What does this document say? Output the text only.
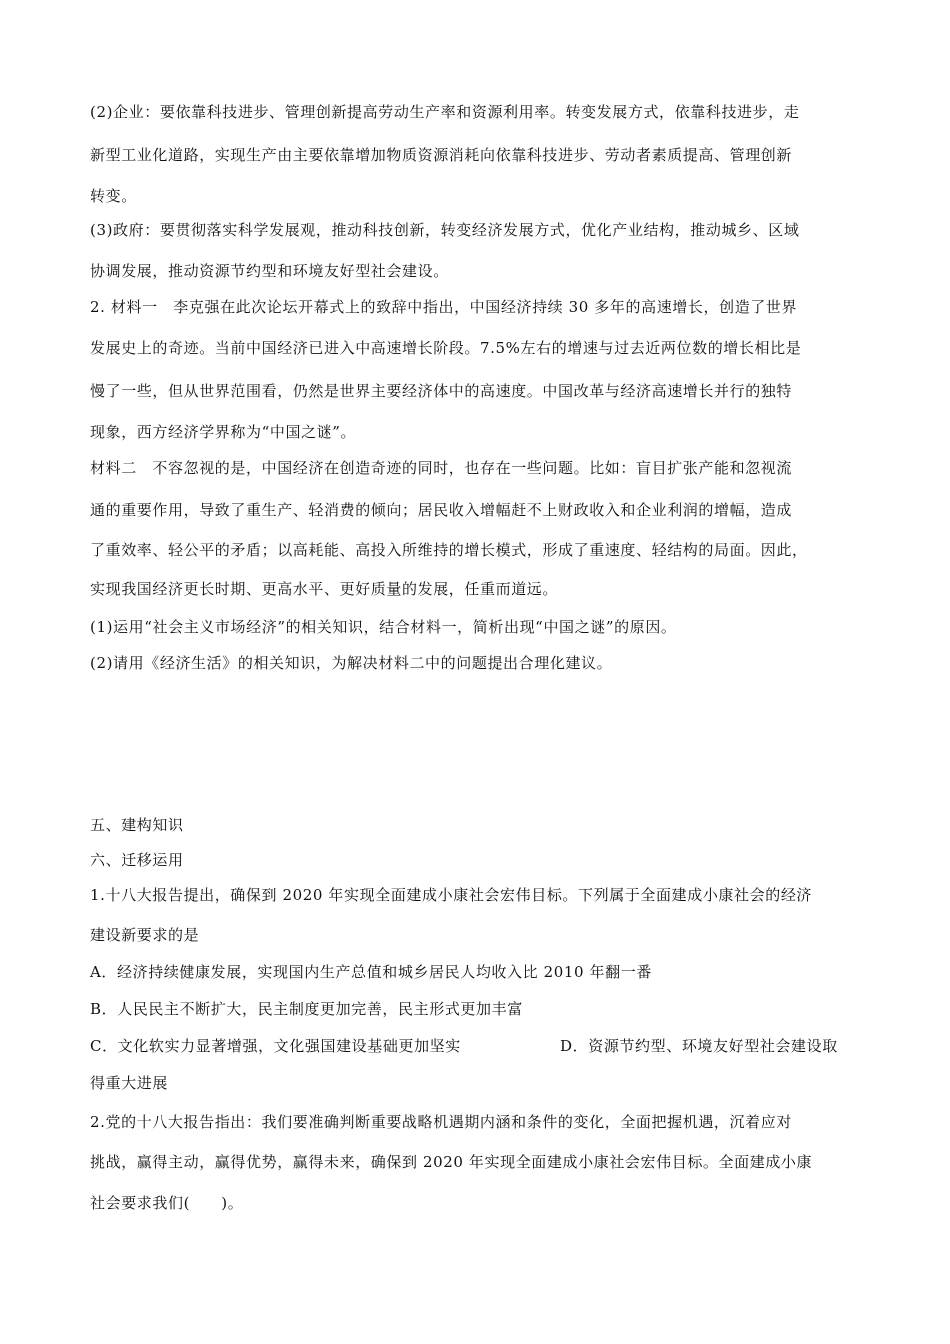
(2)企业：要依靠科技进步、管理创新提高劳动生产率和资源利用率。转变发展方式，依靠科技进步，走
新型工业化道路，实现生产由主要依靠增加物质资源消耗向依靠科技进步、劳动者素质提高、管理创新
转变。
(3)政府：要贯彻落实科学发展观，推动科技创新，转变经济发展方式，优化产业结构，推动城乡、区域
协调发展，推动资源节约型和环境友好型社会建设。
2. 材料一　李克强在此次论坛开幕式上的致辞中指出，中国经济持续 30 多年的高速增长，创造了世界
发展史上的奇迹。当前中国经济已进入中高速增长阶段。7.5%左右的增速与过去近两位数的增长相比是
慢了一些，但从世界范围看，仍然是世界主要经济体中的高速度。中国改革与经济高速增长并行的独特
现象，西方经济学界称为“中国之谜”。
材料二　不容忽视的是，中国经济在创造奇迹的同时，也存在一些问题。比如：盲目扩张产能和忽视流
通的重要作用，导致了重生产、轻消费的倾向；居民收入增幅赶不上财政收入和企业利润的增幅，造成
了重效率、轻公平的矛盾；以高耗能、高投入所维持的增长模式，形成了重速度、轻结构的局面。因此，
实现我国经济更长时期、更高水平、更好质量的发展，任重而道远。
(1)运用“社会主义市场经济”的相关知识，结合材料一，简析出现“中国之谜”的原因。
(2)请用《经济生活》的相关知识，为解决材料二中的问题提出合理化建议。
五、建构知识
六、迁移运用
1.十八大报告提出，确保到 2020 年实现全面建成小康社会宏伟目标。下列属于全面建成小康社会的经济
建设新要求的是
A．经济持续健康发展，实现国内生产总值和城乡居民人均收入比 2010 年翻一番
B．人民民主不断扩大，民主制度更加完善，民主形式更加丰富
C．文化软实力显著增强，文化强国建设基础更加坚实	D．资源节约型、环境友好型社会建设取
得重大进展
2.党的十八大报告指出：我们要准确判断重要战略机遇期内涵和条件的变化，全面把握机遇，沉着应对
挑战，赢得主动，赢得优势，赢得未来，确保到 2020 年实现全面建成小康社会宏伟目标。全面建成小康
社会要求我们(　　)。
